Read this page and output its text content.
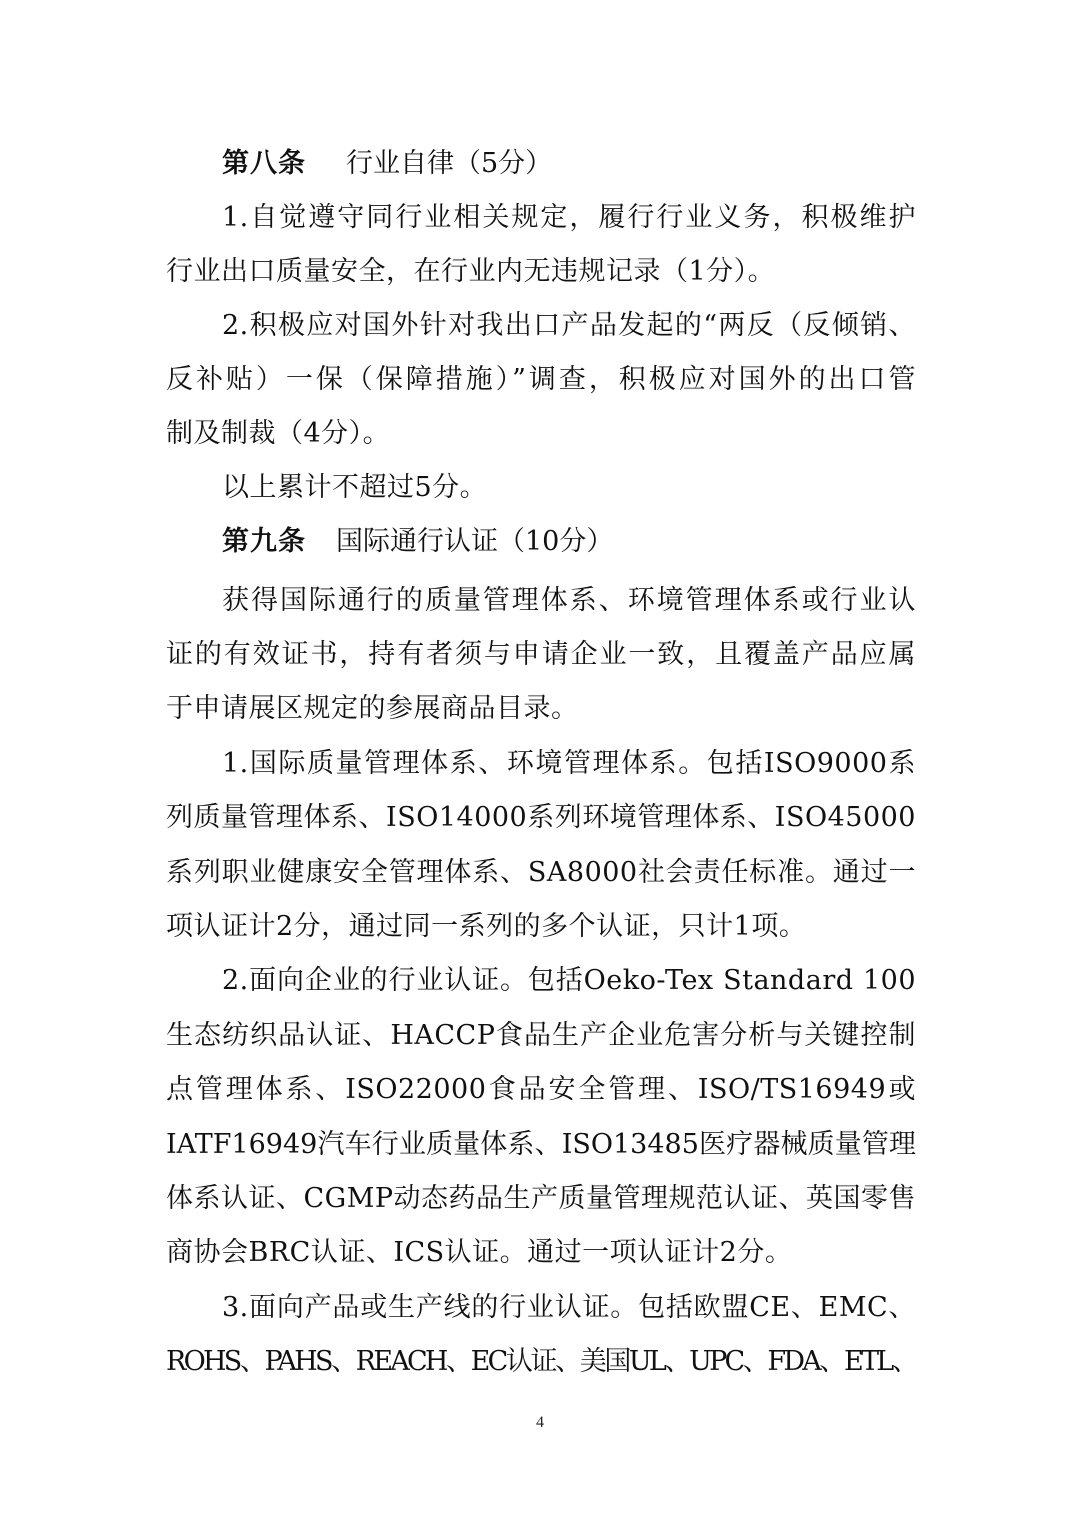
第八条 行业自律（5分）
1.自觉遵守同行业相关规定，履行行业义务，积极维护
行业出口质量安全，在行业内无违规记录（1分）。
2.积极应对国外针对我出口产品发起的“两反（反倾销、
反补贴）一保（保障措施）”调查，积极应对国外的出口管
制及制裁（4分）。
以上累计不超过5分。
第九条 国际通行认证（10分）
获得国际通行的质量管理体系、环境管理体系或行业认
证的有效证书，持有者须与申请企业一致，且覆盖产品应属
于申请展区规定的参展商品目录。
1.国际质量管理体系、环境管理体系。包括ISO9000系
列质量管理体系、ISO14000系列环境管理体系、ISO45000
系列职业健康安全管理体系、SA8000社会责任标准。通过一
项认证计2分，通过同一系列的多个认证，只计1项。
2.面向企业的行业认证。包括Oeko-Tex Standard 100
生态纺织品认证、HACCP食品生产企业危害分析与关键控制
点管理体系、ISO22000食品安全管理、ISO/TS16949或
IATF16949汽车行业质量体系、ISO13485医疗器械质量管理
体系认证、CGMP动态药品生产质量管理规范认证、英国零售
商协会BRC认证、ICS认证。通过一项认证计2分。
3.面向产品或生产线的行业认证。包括欧盟CE、EMC、
ROHS、PAHS、REACH、EC认证、美国UL、UPC、FDA、ETL、
4
